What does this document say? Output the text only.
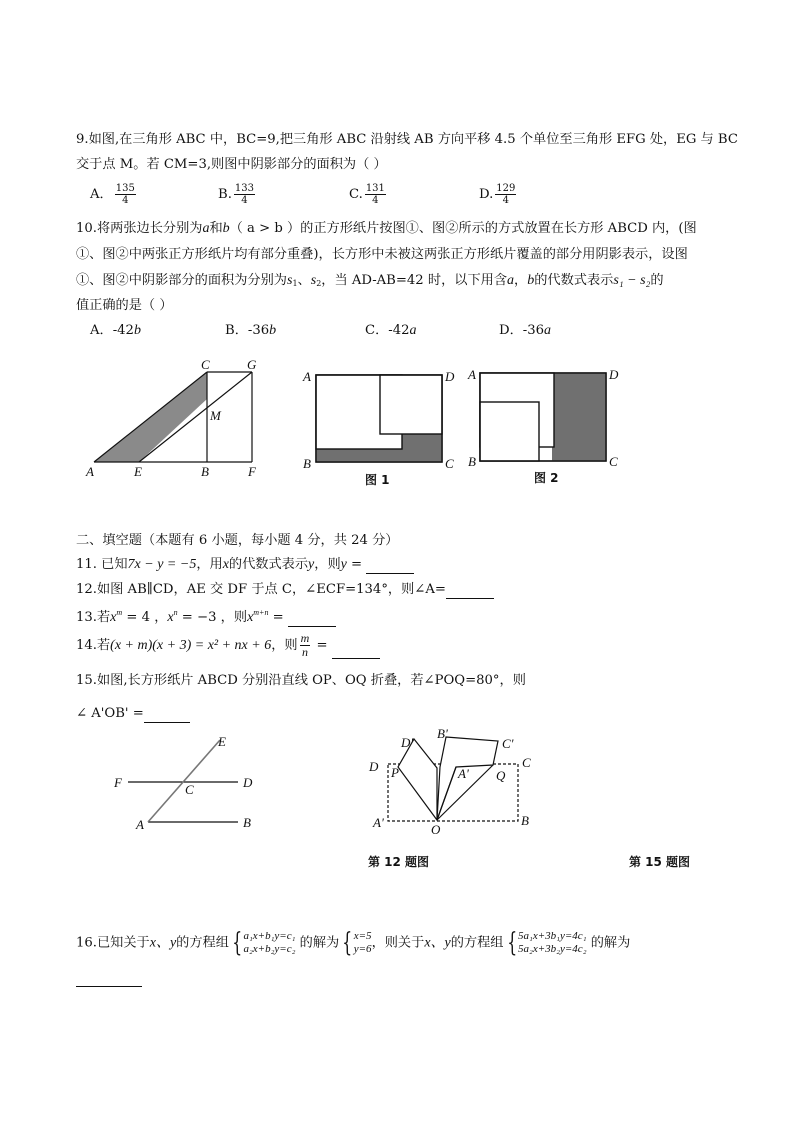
9.如图,在三角形 ABC 中，BC=9,把三角形 ABC 沿射线 AB 方向平移 4.5 个单位至三角形 EFG 处，EG 与 BC
交于点 M。若 CM=3,则图中阴影部分的面积为（ ）
A． $\frac{135}{4}$	B. $\frac{133}{4}$	C. $\frac{131}{4}$	D. $\frac{129}{4}$
10.将两张边长分别为a和b（ a > b ）的正方形纸片按图①、图②所示的方式放置在长方形 ABCD 内，(图
①、图②中两张正方形纸片均有部分重叠)，长方形中未被这两张正方形纸片覆盖的部分用阴影表示，设图
①、图②中阴影部分的面积为分别为$s_1$、$s_2$，当 AD-AB=42 时，以下用含a，b的代数式表示s₁ − s₂的
值正确的是（ ）
A．-42b	B．-36b	C．-42a	D．-36a
C	G
M
A	E	B	F
A	D
B	C
图 1
A	D
B	C
图 2
二、填空题（本题有 6 小题，每小题 4 分，共 24 分）
11. 已知7x − y = −5，用x的代数式表示y，则y =
12.如图 AB∥CD，AE 交 DF 于点 C，∠ECF=134°，则∠A=
13.若$x^m = 4$ ，$x^n = -3$ ，则$x^{m+n}$ =
14.若(x + m)(x + 3) = x² + nx + 6，则 $\frac{m}{n}$ =
15.如图,长方形纸片 ABCD 分别沿直线 OP、OQ 折叠，若∠POQ=80°，则
∠ A'OB' =
E
F	C	D
A	B
第 12 题图
D'
B'
C'
D P	A' Q
C
A'	O
B
第 15 题图
16.已知关于x、y的方程组 { a₁x+b₁y=c₁
a₂x+b₂y=c₂ 的解为 { x=5
y=6 ，则关于x、y的方程组 { 5a₁x+3b₁y=4c₁
5a₂x+3b₂y=4c₂ 的解为
